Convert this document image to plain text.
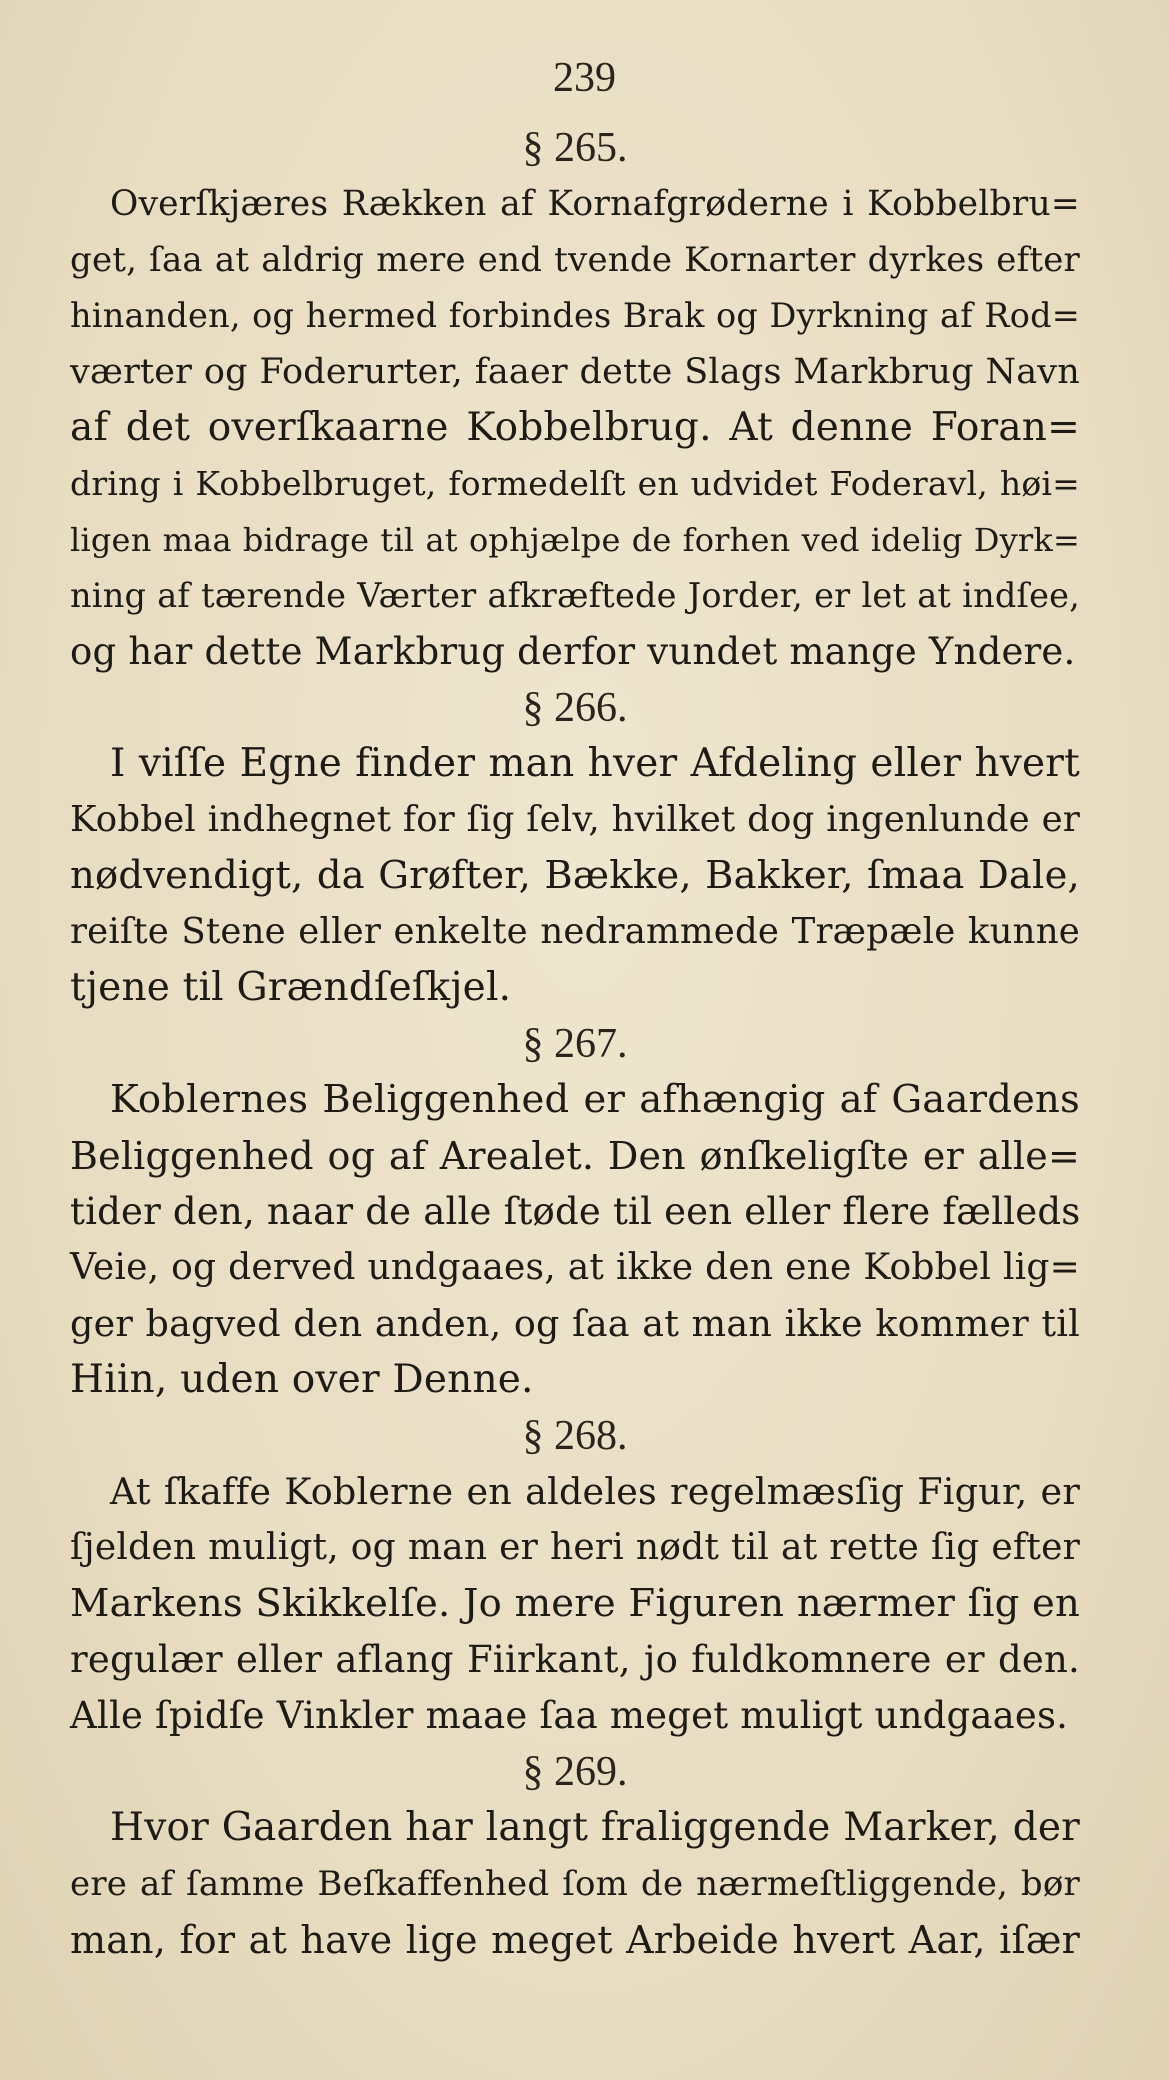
239
§ 265.
Overſkjæres Rækken af Kornafgrøderne i Kobbelbru=
get, ſaa at aldrig mere end tvende Kornarter dyrkes efter
hinanden, og hermed forbindes Brak og Dyrkning af Rod=
værter og Foderurter, faaer dette Slags Markbrug Navn
af det overſkaarne Kobbelbrug. At denne Foran=
dring i Kobbelbruget, formedelſt en udvidet Foderavl, høi=
ligen maa bidrage til at ophjælpe de forhen ved idelig Dyrk=
ning af tærende Værter afkræftede Jorder, er let at indſee,
og har dette Markbrug derfor vundet mange Yndere.
§ 266.
I viſſe Egne finder man hver Afdeling eller hvert
Kobbel indhegnet for ſig ſelv, hvilket dog ingenlunde er
nødvendigt, da Grøfter, Bække, Bakker, ſmaa Dale,
reiſte Stene eller enkelte nedrammede Træpæle kunne
tjene til Grændſeſkjel.
§ 267.
Koblernes Beliggenhed er afhængig af Gaardens
Beliggenhed og af Arealet. Den ønſkeligſte er alle=
tider den, naar de alle ſtøde til een eller flere fælleds
Veie, og derved undgaaes, at ikke den ene Kobbel lig=
ger bagved den anden, og ſaa at man ikke kommer til
Hiin, uden over Denne.
§ 268.
At ſkaffe Koblerne en aldeles regelmæsſig Figur, er
ſjelden muligt, og man er heri nødt til at rette ſig efter
Markens Skikkelſe. Jo mere Figuren nærmer ſig en
regulær eller aflang Fiirkant, jo fuldkomnere er den.
Alle ſpidſe Vinkler maae ſaa meget muligt undgaaes.
§ 269.
Hvor Gaarden har langt fraliggende Marker, der
ere af ſamme Beſkaffenhed ſom de nærmeſtliggende, bør
man, for at have lige meget Arbeide hvert Aar, iſær
